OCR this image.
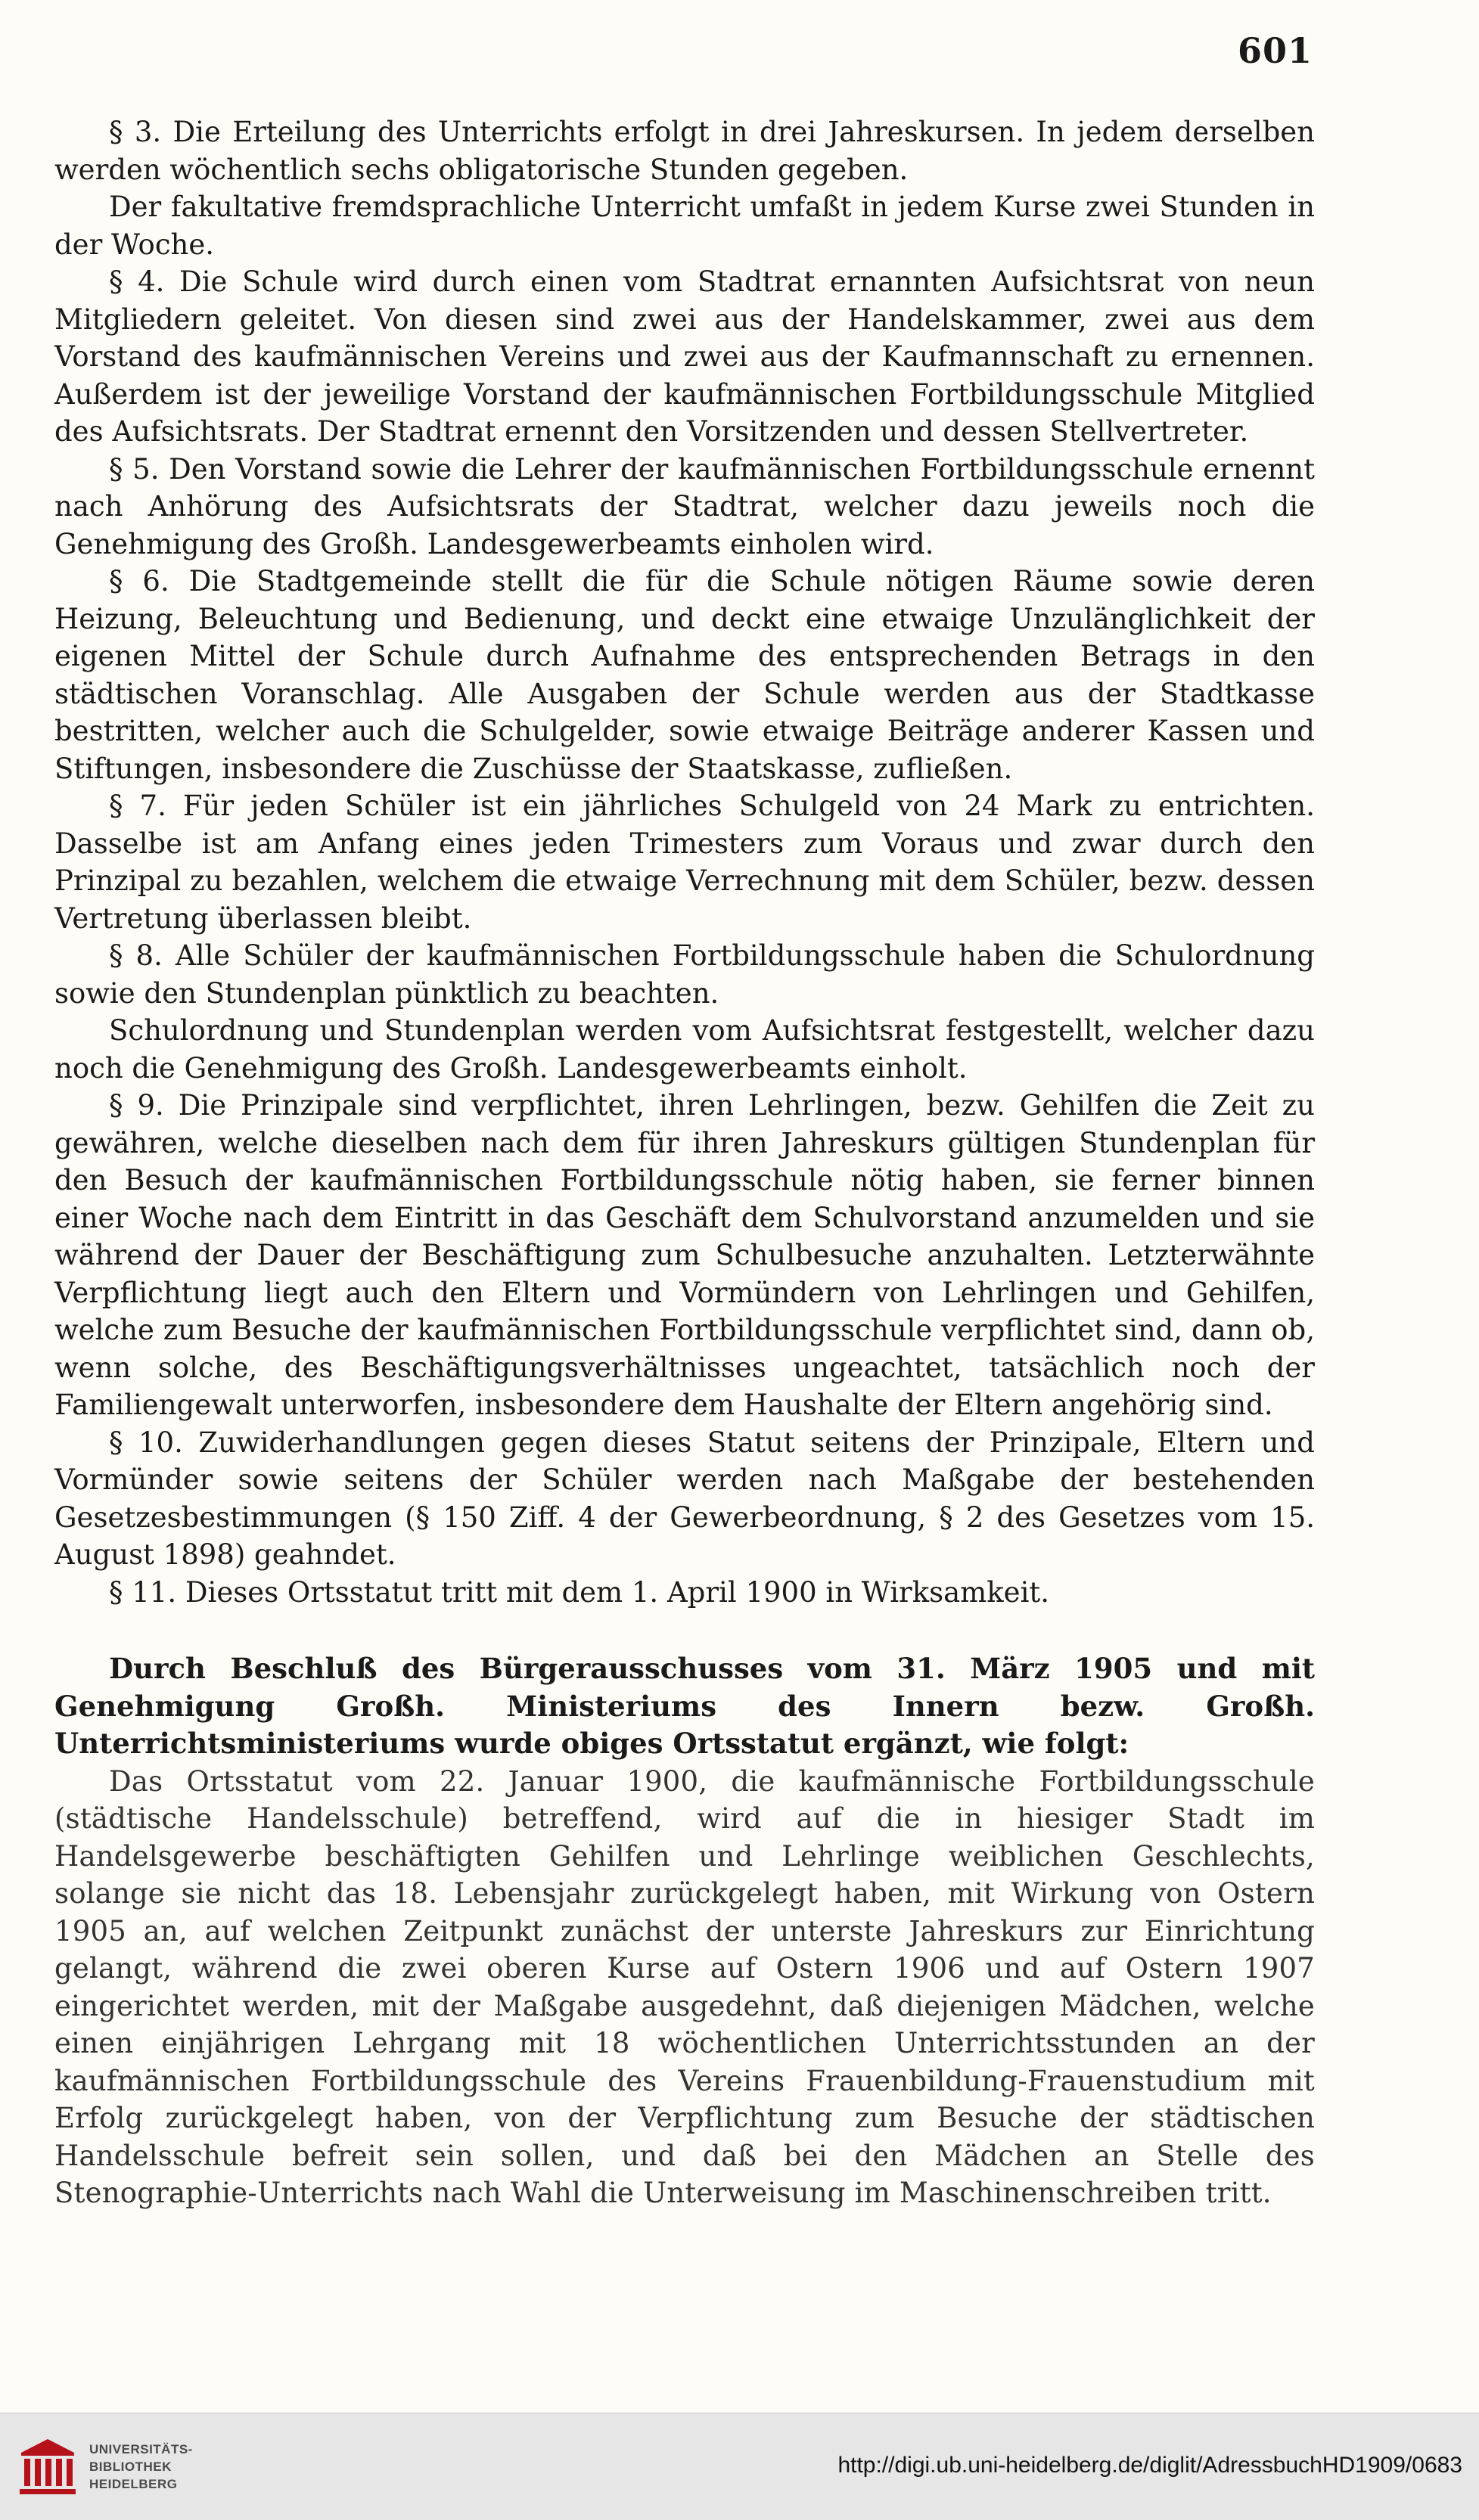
601

§ 3. Die Erteilung des Unterrichts erfolgt in drei Jahreskursen. In jedem derselben werden wöchentlich sechs obligatorische Stunden gegeben.

Der fakultative fremdsprachliche Unterricht umfaßt in jedem Kurse zwei Stunden in der Woche.

§ 4. Die Schule wird durch einen vom Stadtrat ernannten Aufsichtsrat von neun Mitgliedern geleitet. Von diesen sind zwei aus der Handelskammer, zwei aus dem Vorstand des kaufmännischen Vereins und zwei aus der Kaufmannschaft zu ernennen. Außerdem ist der jeweilige Vorstand der kaufmännischen Fortbildungsschule Mitglied des Aufsichtsrats. Der Stadtrat ernennt den Vorsitzenden und dessen Stellvertreter.

§ 5. Den Vorstand sowie die Lehrer der kaufmännischen Fortbildungsschule ernennt nach Anhörung des Aufsichtsrats der Stadtrat, welcher dazu jeweils noch die Genehmigung des Großh. Landesgewerbeamts einholen wird.

§ 6. Die Stadtgemeinde stellt die für die Schule nötigen Räume sowie deren Heizung, Beleuchtung und Bedienung, und deckt eine etwaige Unzulänglichkeit der eigenen Mittel der Schule durch Aufnahme des entsprechenden Betrags in den städtischen Voranschlag. Alle Ausgaben der Schule werden aus der Stadtkasse bestritten, welcher auch die Schulgelder, sowie etwaige Beiträge anderer Kassen und Stiftungen, insbesondere die Zuschüsse der Staatskasse, zufließen.

§ 7. Für jeden Schüler ist ein jährliches Schulgeld von 24 Mark zu entrichten. Dasselbe ist am Anfang eines jeden Trimesters zum Voraus und zwar durch den Prinzipal zu bezahlen, welchem die etwaige Verrechnung mit dem Schüler, bezw. dessen Vertretung überlassen bleibt.

§ 8. Alle Schüler der kaufmännischen Fortbildungsschule haben die Schulordnung sowie den Stundenplan pünktlich zu beachten.

Schulordnung und Stundenplan werden vom Aufsichtsrat festgestellt, welcher dazu noch die Genehmigung des Großh. Landesgewerbeamts einholt.

§ 9. Die Prinzipale sind verpflichtet, ihren Lehrlingen, bezw. Gehilfen die Zeit zu gewähren, welche dieselben nach dem für ihren Jahreskurs gültigen Stundenplan für den Besuch der kaufmännischen Fortbildungsschule nötig haben, sie ferner binnen einer Woche nach dem Eintritt in das Geschäft dem Schulvorstand anzumelden und sie während der Dauer der Beschäftigung zum Schulbesuche anzuhalten. Letzterwähnte Verpflichtung liegt auch den Eltern und Vormündern von Lehrlingen und Gehilfen, welche zum Besuche der kaufmännischen Fortbildungsschule verpflichtet sind, dann ob, wenn solche, des Beschäftigungsverhältnisses ungeachtet, tatsächlich noch der Familiengewalt unterworfen, insbesondere dem Haushalte der Eltern angehörig sind.

§ 10. Zuwiderhandlungen gegen dieses Statut seitens der Prinzipale, Eltern und Vormünder sowie seitens der Schüler werden nach Maßgabe der bestehenden Gesetzesbestimmungen (§ 150 Ziff. 4 der Gewerbeordnung, § 2 des Gesetzes vom 15. August 1898) geahndet.

§ 11. Dieses Ortsstatut tritt mit dem 1. April 1900 in Wirksamkeit.

Durch Beschluß des Bürgerausschusses vom 31. März 1905 und mit Genehmigung Großh. Ministeriums des Innern bezw. Großh. Unterrichtsministeriums wurde obiges Ortsstatut ergänzt, wie folgt:

Das Ortsstatut vom 22. Januar 1900, die kaufmännische Fortbildungsschule (städtische Handelsschule) betreffend, wird auf die in hiesiger Stadt im Handelsgewerbe beschäftigten Gehilfen und Lehrlinge weiblichen Geschlechts, solange sie nicht das 18. Lebensjahr zurückgelegt haben, mit Wirkung von Ostern 1905 an, auf welchen Zeitpunkt zunächst der unterste Jahreskurs zur Einrichtung gelangt, während die zwei oberen Kurse auf Ostern 1906 und auf Ostern 1907 eingerichtet werden, mit der Maßgabe ausgedehnt, daß diejenigen Mädchen, welche einen einjährigen Lehrgang mit 18 wöchentlichen Unterrichtsstunden an der kaufmännischen Fortbildungsschule des Vereins Frauenbildung-Frauenstudium mit Erfolg zurückgelegt haben, von der Verpflichtung zum Besuche der städtischen Handelsschule befreit sein sollen, und daß bei den Mädchen an Stelle des Stenographie-Unterrichts nach Wahl die Unterweisung im Maschinenschreiben tritt.

UNIVERSITÄTS-
BIBLIOTHEK
HEIDELBERG
http://digi.ub.uni-heidelberg.de/diglit/AdressbuchHD1909/0683
